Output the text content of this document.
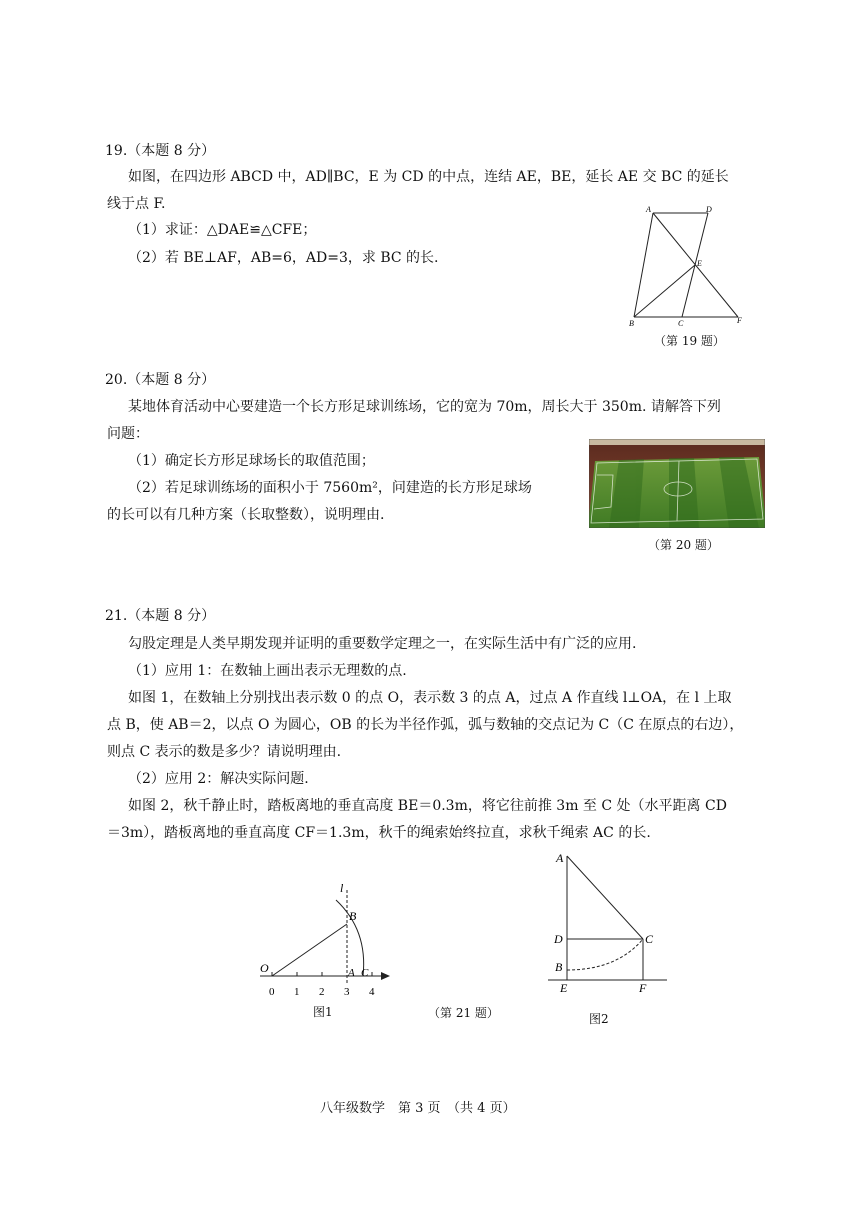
19.（本题 8 分）
如图，在四边形 ABCD 中，AD∥BC，E 为 CD 的中点，连结 AE，BE，延长 AE 交 BC 的延长
线于点 F.
（1）求证：△DAE≌△CFE；
（2）若 BE⊥AF，AB=6，AD=3，求 BC 的长.
A	D
E
B	C	F
（第 19 题）
20.（本题 8 分）
某地体育活动中心要建造一个长方形足球训练场，它的宽为 70m，周长大于 350m. 请解答下列
问题：
（1）确定长方形足球场长的取值范围；
（2）若足球训练场的面积小于 7560m²，问建造的长方形足球场
的长可以有几种方案（长取整数），说明理由.
（第 20 题）
21.（本题 8 分）
勾股定理是人类早期发现并证明的重要数学定理之一，在实际生活中有广泛的应用.
（1）应用 1：在数轴上画出表示无理数的点.
如图 1，在数轴上分别找出表示数 0 的点 O，表示数 3 的点 A，过点 A 作直线 l⊥OA，在 l 上取
点 B，使 AB＝2，以点 O 为圆心，OB 的长为半径作弧，弧与数轴的交点记为 C（C 在原点的右边），
则点 C 表示的数是多少？请说明理由.
（2）应用 2：解决实际问题.
如图 2，秋千静止时，踏板离地的垂直高度 BE＝0.3m，将它往前推 3m 至 C 处（水平距离 CD
＝3m），踏板离地的垂直高度 CF＝1.3m，秋千的绳索始终拉直，求秋千绳索 AC 的长.
l
B
O	A C
0 1 2 3 4
图1	（第 21 题）
A
D	C
B
E	F
图2
八年级数学　第 3 页　（共 4 页）
